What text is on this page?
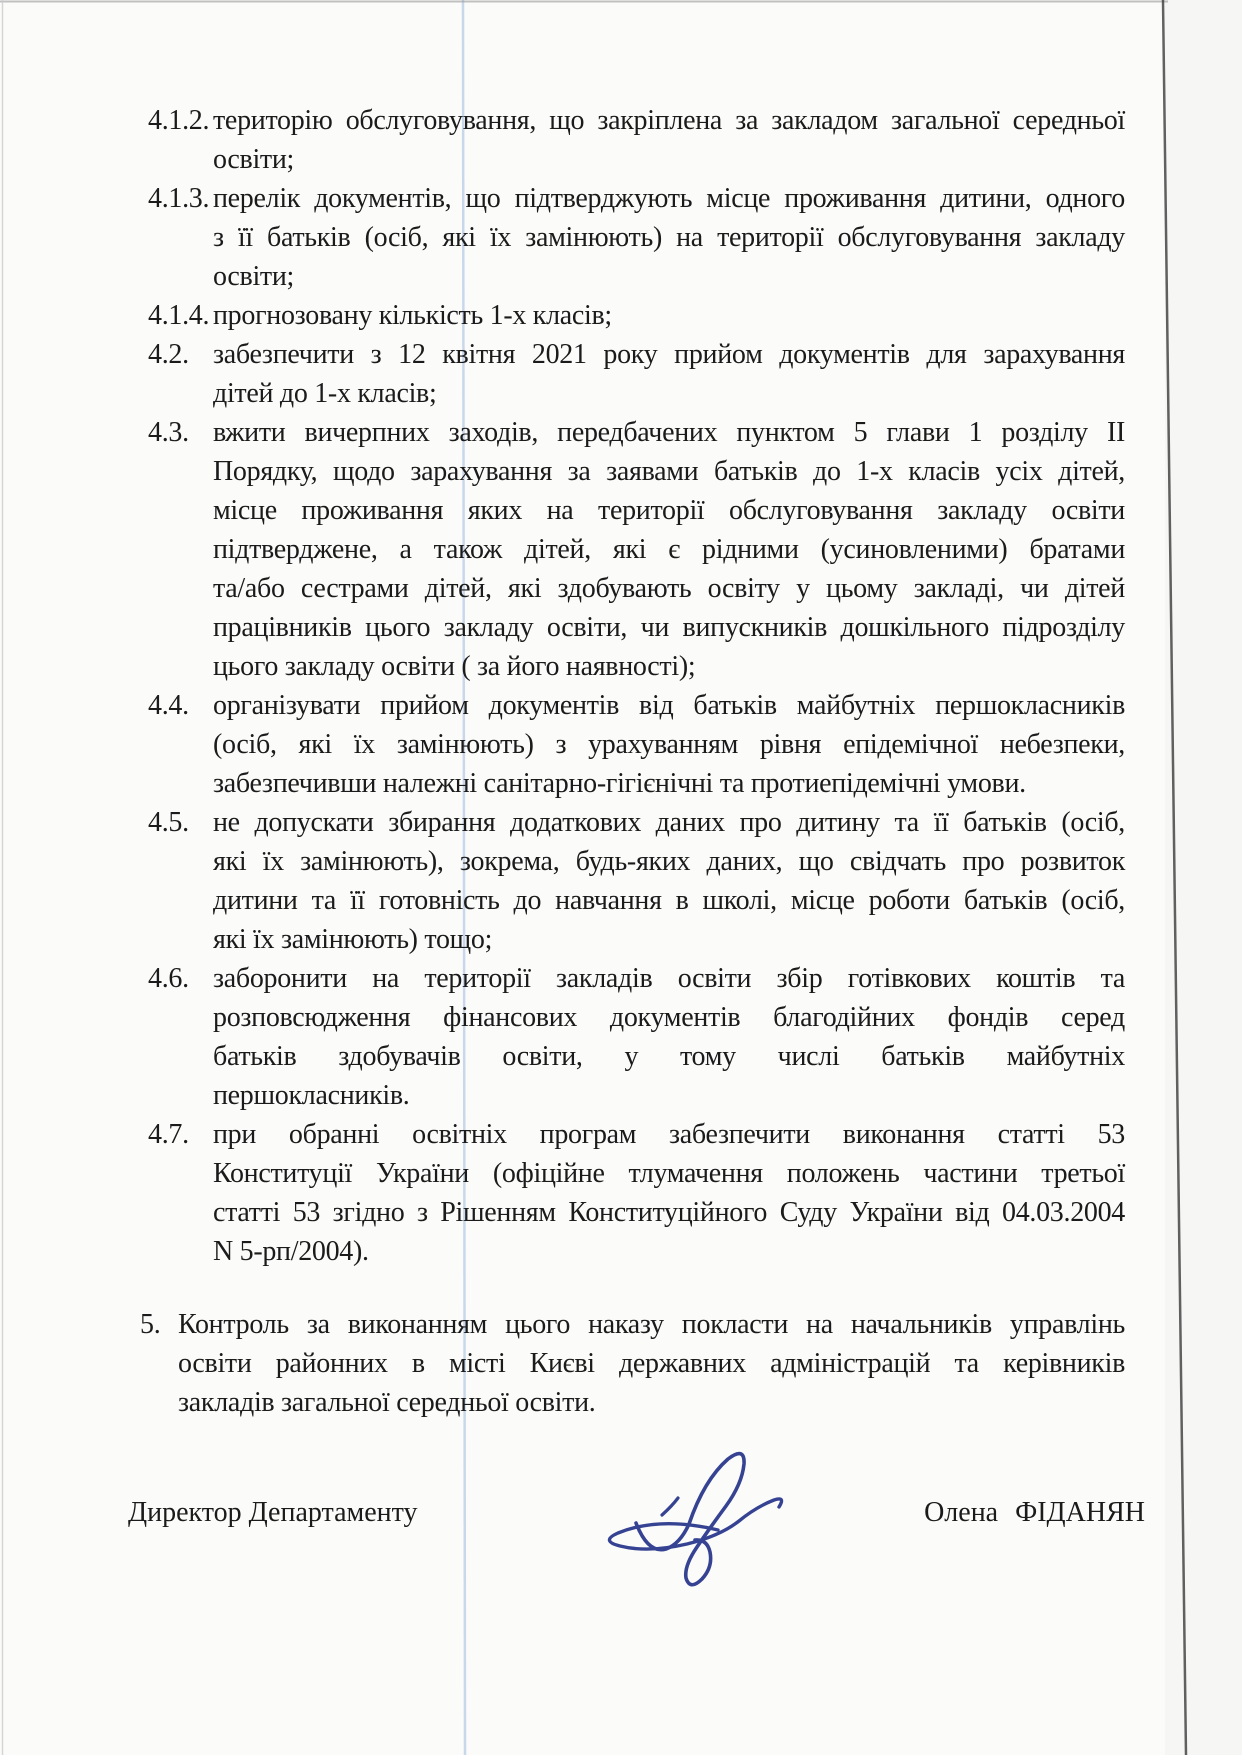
4.1.2. територію обслуговування, що закріплена за закладом загальної середньої
освіти;
4.1.3. перелік документів, що підтверджують місце проживання дитини, одного
з її батьків (осіб, які їх замінюють) на території обслуговування закладу
освіти;
4.1.4. прогнозовану кількість 1-х класів;
4.2. забезпечити з 12 квітня 2021 року прийом документів для зарахування
дітей до 1-х класів;
4.3. вжити вичерпних заходів, передбачених пунктом 5 глави 1 розділу II
Порядку, щодо зарахування за заявами батьків до 1-х класів усіх дітей,
місце проживання яких на території обслуговування закладу освіти
підтверджене, а також дітей, які є рідними (усиновленими) братами
та/або сестрами дітей, які здобувають освіту у цьому закладі, чи дітей
працівників цього закладу освіти, чи випускників дошкільного підрозділу
цього закладу освіти ( за його наявності);
4.4. організувати прийом документів від батьків майбутніх першокласників
(осіб, які їх замінюють) з урахуванням рівня епідемічної небезпеки,
забезпечивши належні санітарно-гігієнічні та протиепідемічні умови.
4.5. не допускати збирання додаткових даних про дитину та її батьків (осіб,
які їх замінюють), зокрема, будь-яких даних, що свідчать про розвиток
дитини та її готовність до навчання в школі, місце роботи батьків (осіб,
які їх замінюють) тощо;
4.6. заборонити на території закладів освіти збір готівкових коштів та
розповсюдження фінансових документів благодійних фондів серед
батьків здобувачів освіти, у тому числі батьків майбутніх
першокласників.
4.7. при обранні освітніх програм забезпечити виконання статті 53
Конституції України (офіційне тлумачення положень частини третьої
статті 53 згідно з Рішенням Конституційного Суду України від 04.03.2004
N 5-рп/2004).
5. Контроль за виконанням цього наказу покласти на начальників управлінь
освіти районних в місті Києві державних адміністрацій та керівників
закладів загальної середньої освіти.
Директор Департаменту	Олена ФІДАНЯН
